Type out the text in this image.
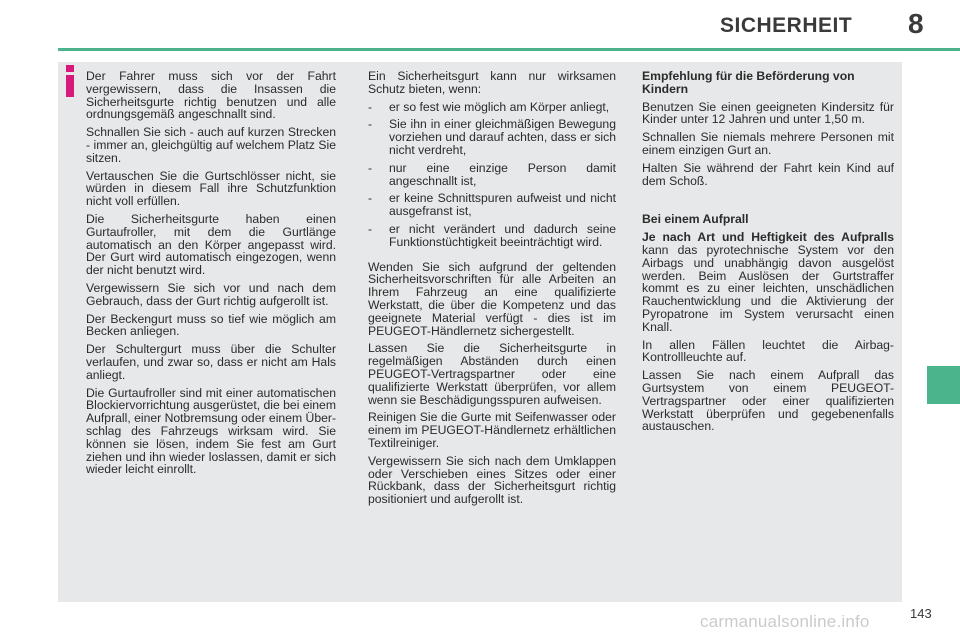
SICHERHEIT 8

Der Fahrer muss sich vor der Fahrt vergewissern, dass die Insassen die Sicherheitsgurte richtig benutzen und alle ordnungsgemäß angeschnallt sind.

Schnallen Sie sich - auch auf kurzen Strecken - immer an, gleichgültig auf welchem Platz Sie sitzen.

Vertauschen Sie die Gurtschlösser nicht, sie würden in diesem Fall ihre Schutzfunktion nicht voll erfüllen.

Die Sicherheitsgurte haben einen Gurtaufroller, mit dem die Gurtlänge automatisch an den Körper angepasst wird. Der Gurt wird automatisch eingezogen, wenn der nicht benutzt wird.

Vergewissern Sie sich vor und nach dem Gebrauch, dass der Gurt richtig aufgerollt ist.

Der Beckengurt muss so tief wie möglich am Becken anliegen.

Der Schultergurt muss über die Schulter verlaufen, und zwar so, dass er nicht am Hals anliegt.

Die Gurtaufroller sind mit einer automatischen Blockiervorrichtung ausgerüstet, die bei einem Aufprall, einer Notbremsung oder einem Überschlag des Fahrzeugs wirksam wird. Sie können sie lösen, indem Sie fest am Gurt ziehen und ihn wieder loslassen, damit er sich wieder leicht einrollt.

Ein Sicherheitsgurt kann nur wirksamen Schutz bieten, wenn:

- er so fest wie möglich am Körper anliegt,
- Sie ihn in einer gleichmäßigen Bewegung vorziehen und darauf achten, dass er sich nicht verdreht,
- nur eine einzige Person damit angeschnallt ist,
- er keine Schnittspuren aufweist und nicht ausgefranst ist,
- er nicht verändert und dadurch seine Funktionstüchtigkeit beeinträchtigt wird.

Wenden Sie sich aufgrund der geltenden Sicherheitsvorschriften für alle Arbeiten an Ihrem Fahrzeug an eine qualifizierte Werkstatt, die über die Kompetenz und das geeignete Material verfügt - dies ist im PEUGEOT-Händlernetz sichergestellt.

Lassen Sie die Sicherheitsgurte in regelmäßigen Abständen durch einen PEUGEOT-Vertragspartner oder eine qualifizierte Werkstatt überprüfen, vor allem wenn sie Beschädigungsspuren aufweisen.

Reinigen Sie die Gurte mit Seifenwasser oder einem im PEUGEOT-Händlernetz erhältlichen Textilreiniger.

Vergewissern Sie sich nach dem Umklappen oder Verschieben eines Sitzes oder einer Rückbank, dass der Sicherheitsgurt richtig positioniert und aufgerollt ist.

Empfehlung für die Beförderung von Kindern

Benutzen Sie einen geeigneten Kindersitz für Kinder unter 12 Jahren und unter 1,50 m.

Schnallen Sie niemals mehrere Personen mit einem einzigen Gurt an.

Halten Sie während der Fahrt kein Kind auf dem Schoß.

Bei einem Aufprall

Je nach Art und Heftigkeit des Aufpralls kann das pyrotechnische System vor den Airbags und unabhängig davon ausgelöst werden. Beim Auslösen der Gurtstraffer kommt es zu einer leichten, unschädlichen Rauchentwicklung und die Aktivierung der Pyropatrone im System verursacht einen Knall.

In allen Fällen leuchtet die Airbag-Kontrollleuchte auf.

Lassen Sie nach einem Aufprall das Gurtsystem von einem PEUGEOT-Vertragspartner oder einer qualifizierten Werkstatt überprüfen und gegebenenfalls austauschen.

143
carmanualsonline.info
